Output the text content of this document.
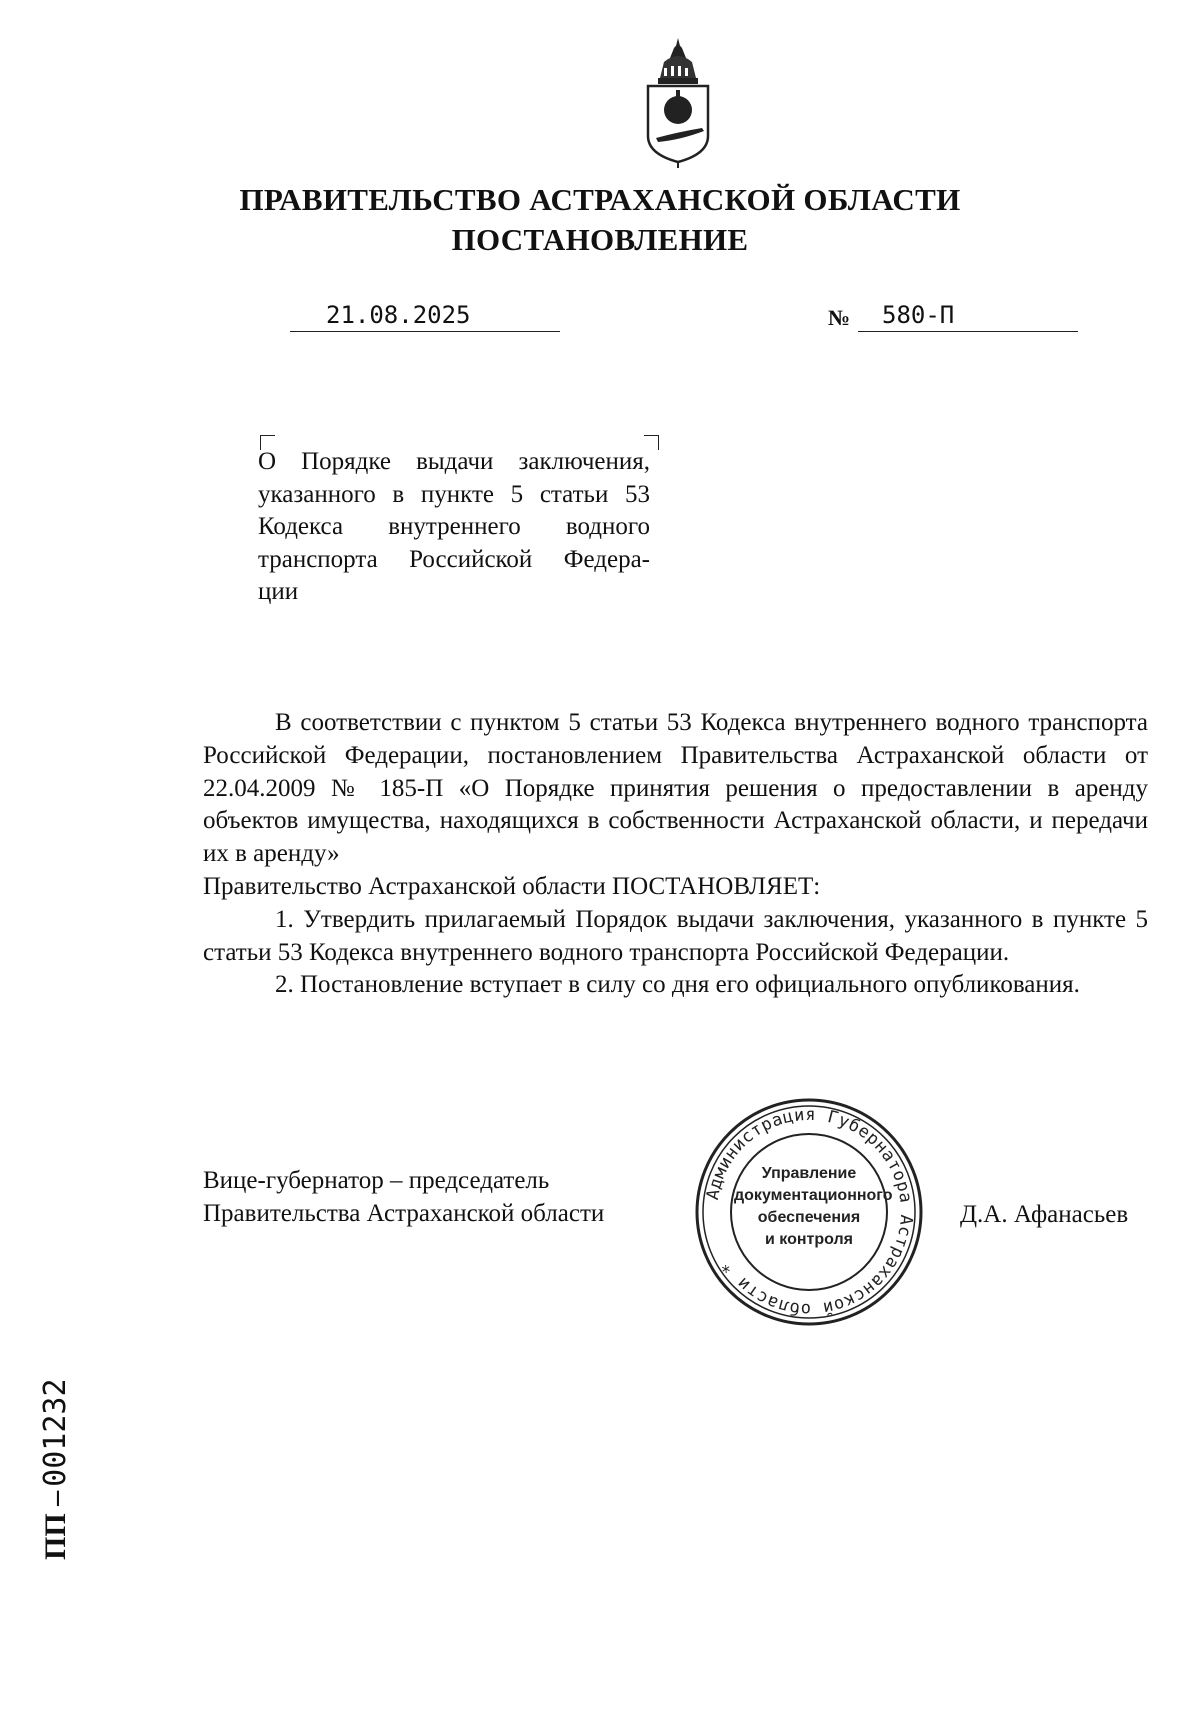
ПРАВИТЕЛЬСТВО АСТРАХАНСКОЙ ОБЛАСТИ
ПОСТАНОВЛЕНИЕ
21.08.2025	№	580-П

О Порядке выдачи заключения,

указанного в пункте 5 статьи 53

Кодекса внутреннего водного

транспорта Российской Федера-

ции

В соответствии с пунктом 5 статьи 53 Кодекса внутреннего водного транспорта Российской Федерации, постановлением Правительства Астраханской области от 22.04.2009 № 185-П «О Порядке принятия решения о предоставлении в аренду объектов имущества, находящихся в собственности Астраханской области, и передачи их в аренду»

Правительство Астраханской области ПОСТАНОВЛЯЕТ:

1. Утвердить прилагаемый Порядок выдачи заключения, указанного в пункте 5 статьи 53 Кодекса внутреннего водного транспорта Российской Федерации.

2. Постановление вступает в силу со дня его официального опубликования.

Вице-губернатор – председатель

Правительства Астраханской области	Д.А. Афанасьев
Администрация Губернатора Астраханской области *
Управление
документационного
обеспечения
и контроля
ПП – 001232
